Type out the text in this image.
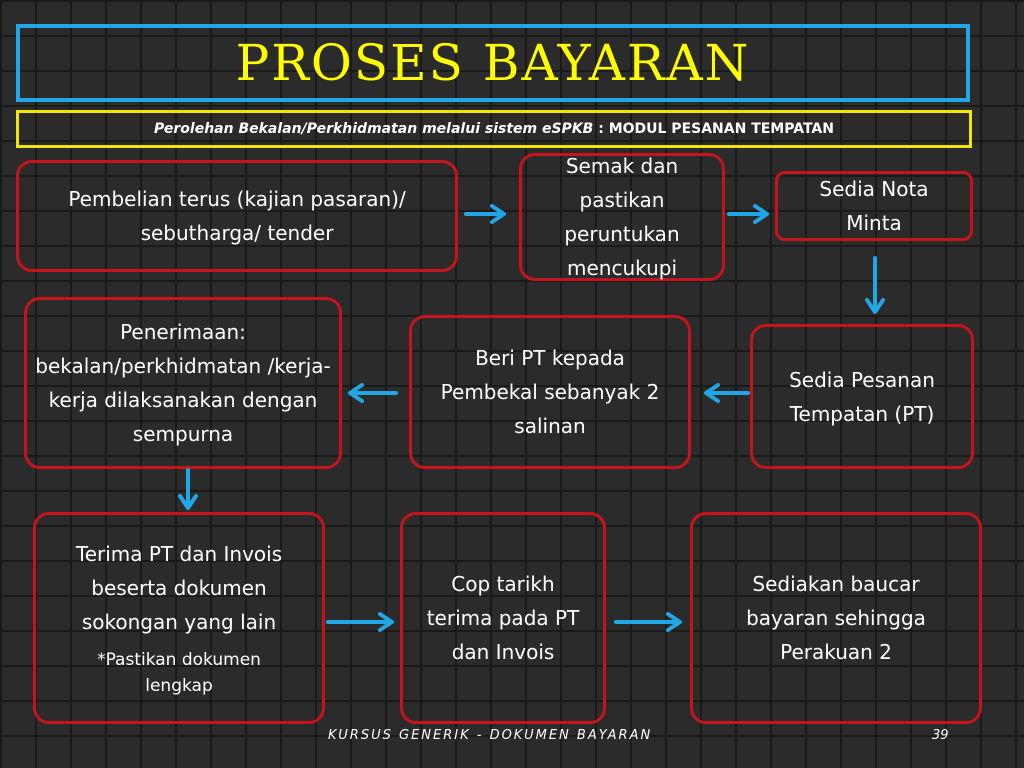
PROSES BAYARAN
Perolehan Bekalan/Perkhidmatan melalui sistem eSPKB : MODUL PESANAN TEMPATAN
Pembelian terus (kajian pasaran)/ sebutharga/ tender
Semak dan pastikan peruntukan mencukupi
Sedia Nota Minta
Penerimaan: bekalan/perkhidmatan /kerja-kerja dilaksanakan dengan sempurna
Beri PT kepada Pembekal sebanyak 2 salinan
Sedia Pesanan Tempatan (PT)
Terima PT dan Invois beserta dokumen sokongan yang lain
*Pastikan dokumen lengkap
Cop tarikh terima pada PT dan Invois
Sediakan baucar bayaran sehingga Perakuan 2
KURSUS GENERIK - DOKUMEN BAYARAN	39
